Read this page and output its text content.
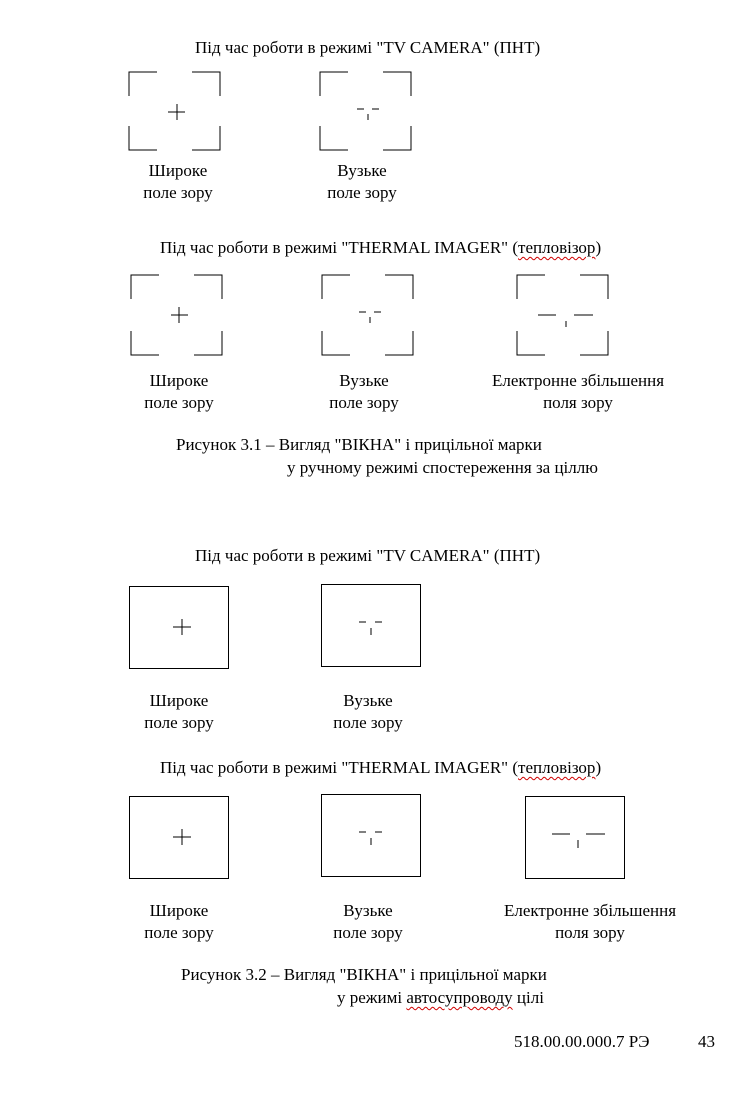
Під час роботи в режимі "TV CAMERA" (ПНТ)
Широке
поле зору
Вузьке
поле зору
Під час роботи в режимі "THERMAL IMAGER" (тепловізор)
Широке
поле зору
Вузьке
поле зору
Електронне збільшення
поля зору
Рисунок 3.1 – Вигляд "ВІКНА" і прицільної марки
у ручному режимі спостереження за ціллю
Під час роботи в режимі "TV CAMERA" (ПНТ)
Широке
поле зору
Вузьке
поле зору
Під час роботи в режимі "THERMAL IMAGER" (тепловізор)
Широке
поле зору
Вузьке
поле зору
Електронне збільшення
поля зору
Рисунок 3.2 – Вигляд "ВІКНА" і прицільної марки
у режимі автосупроводу цілі
518.00.00.000.7 РЭ	43
